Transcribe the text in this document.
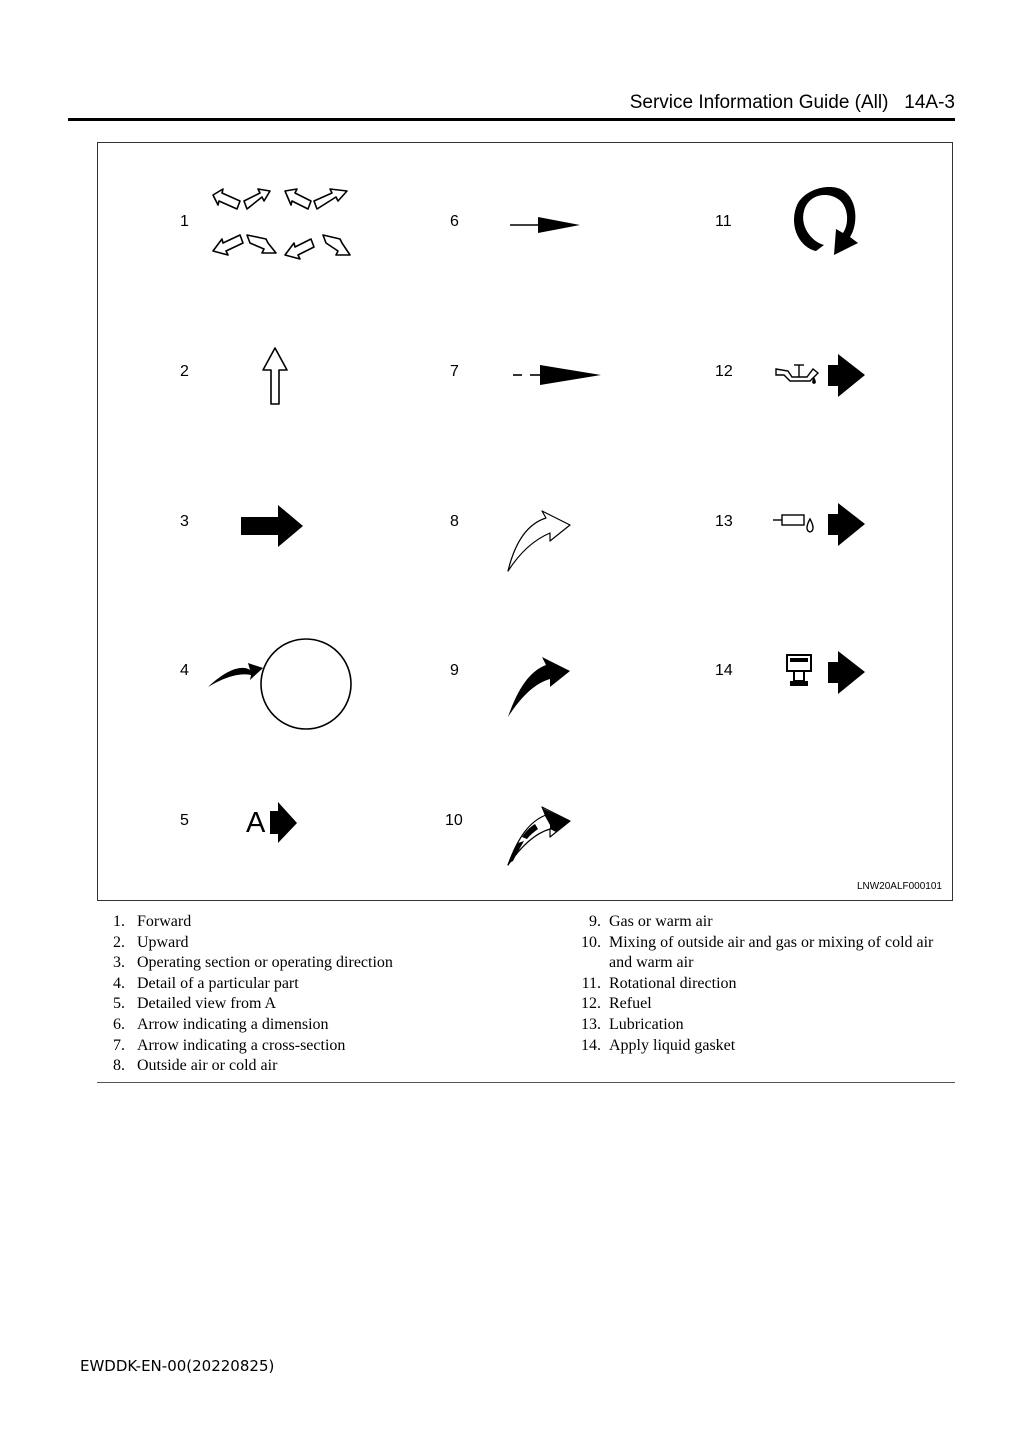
Service Information Guide (All) 14A-3
1
2
3
4
5
6
7
8
9
10
11
12
13
14
A
LNW20ALF000101
1. Forward
2. Upward
3. Operating section or operating direction
4. Detail of a particular part
5. Detailed view from A
6. Arrow indicating a dimension
7. Arrow indicating a cross-section
8. Outside air or cold air
9. Gas or warm air
10. Mixing of outside air and gas or mixing of cold air and warm air
11. Rotational direction
12. Refuel
13. Lubrication
14. Apply liquid gasket
EWDDK-EN-00(20220825)
